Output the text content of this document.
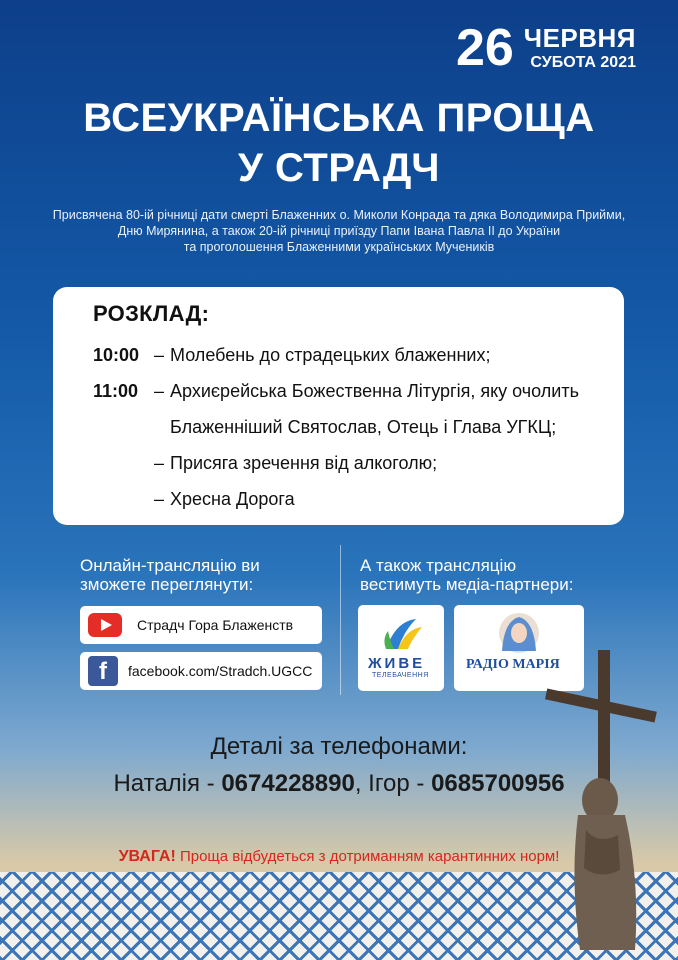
26 ЧЕРВНЯ
СУБОТА 2021
ВСЕУКРАЇНСЬКА ПРОЩА
У СТРАДЧ
Присвячена 80-ій річниці дати смерті Блаженних о. Миколи Конрада та дяка Володимира Прийми,
Дню Мирянина, а також 20-ій річниці приїзду Папи Івана Павла ІІ до України
та проголошення Блаженними українських Мучеників
РОЗКЛАД:
10:00 – Молебень до страдецьких блаженних;
11:00 – Архиєрейська Божественна Літургія, яку очолить
Блаженніший Святослав, Отець і Глава УГКЦ;
– Присяга зречення від алкоголю;
– Хресна Дорога
Онлайн-трансляцію ви
зможете переглянути:
Страдч Гора Блаженств
f	facebook.com/Stradch.UGCC
А також трансляцію
вестимуть медіа-партнери:
ЖИВЕ
ТЕЛЕБАЧЕННЯ
РАДІО МАРІЯ
Деталі за телефонами:
Наталія - 0674228890, Ігор - 0685700956
УВАГА! Проща відбудеться з дотриманням карантинних норм!
